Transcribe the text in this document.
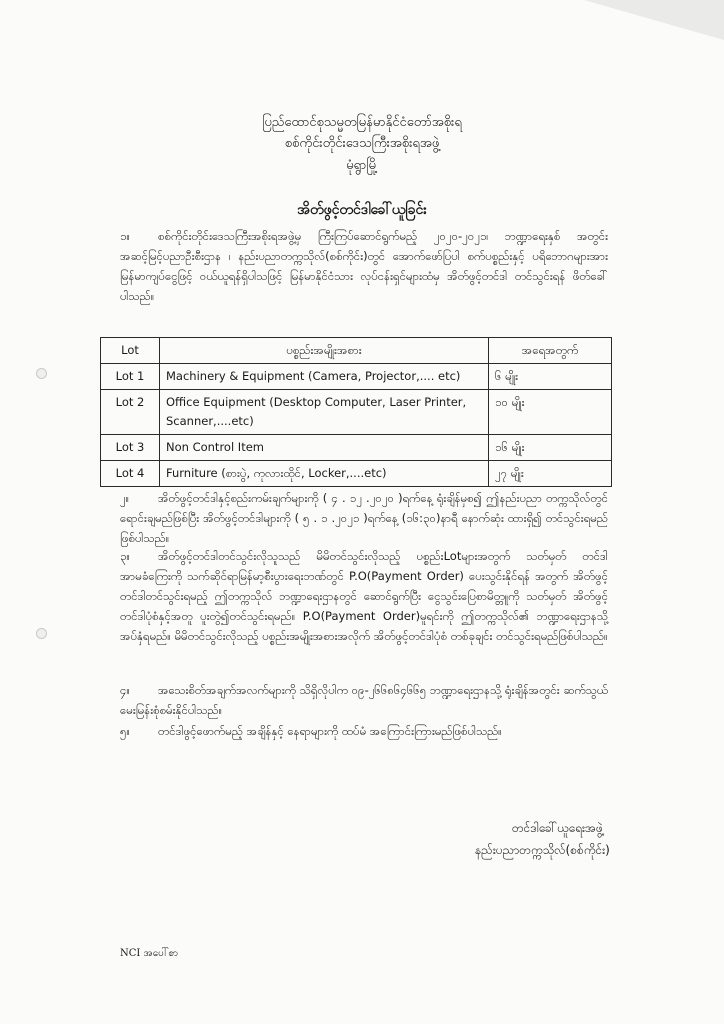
ပြည်ထောင်စုသမ္မတမြန်မာနိုင်ငံတော်အစိုးရ
စစ်ကိုင်းတိုင်းဒေသကြီးအစိုးရအဖွဲ့
မုံရွာမြို့
အိတ်ဖွင့်တင်ဒါခေါ်ယူခြင်း
၁။ စစ်ကိုင်းတိုင်းဒေသကြီးအစိုးရအဖွဲ့မှ ကြီးကြပ်ဆောင်ရွက်မည့် ၂၀၂၀-၂၀၂၁၊ ဘဏ္ဍာရေးနှစ် အတွင်း အဆင့်မြင့်ပညာဦးစီးဌာန ၊ နည်းပညာတက္ကသိုလ်(စစ်ကိုင်း)တွင် အောက်ဖော်ပြပါ စက်ပစ္စည်းနှင့် ပရိဘောဂများအား မြန်မာကျပ်ငွေဖြင့် ဝယ်ယူရန်ရှိပါသဖြင့် မြန်မာနိုင်ငံသား လုပ်ငန်းရှင်များထံမှ အိတ်ဖွင့်တင်ဒါ တင်သွင်းရန် ဖိတ်ခေါ် ပါသည်။
Lot	ပစ္စည်းအမျိုးအစား	အရေအတွက်
Lot 1	Machinery & Equipment (Camera, Projector,.... etc)	၆ မျိုး
Lot 2	Office Equipment (Desktop Computer, Laser Printer, Scanner,....etc)	၁၀ မျိုး
Lot 3	Non Control Item	၁၆ မျိုး
Lot 4	Furniture (စားပွဲ, ကုလားထိုင်, Locker,....etc)	၂၇ မျိုး
၂။	အိတ်ဖွင့်တင်ဒါနှင့်စည်းကမ်းချက်များကို ( ၄ . ၁၂ .၂၀၂၀ )ရက်နေ့ ရုံးချိန်မှစ၍ ဤနည်းပညာ တက္ကသိုလ်တွင် ရောင်းချမည်ဖြစ်ပြီး အိတ်ဖွင့်တင်ဒါများကို ( ၅ . ၁ .၂၀၂၁ )ရက်နေ့ (၁၆:၃၀)နာရီ နောက်ဆုံး ထားရှိ၍ တင်သွင်းရမည်ဖြစ်ပါသည်။
၃။ အိတ်ဖွင့်တင်ဒါတင်သွင်းလိုသူသည် မိမိတင်သွင်းလိုသည့် ပစ္စည်းLotများအတွက် သတ်မှတ် တင်ဒါအာမခံကြေးကို သက်ဆိုင်ရာမြန်မာ့စီးပွားရေးဘဏ်တွင် P.O(Payment Order) ပေးသွင်းနိုင်ရန် အတွက် အိတ်ဖွင့် တင်ဒါတင်သွင်းရမည့် ဤတက္ကသိုလ် ဘဏ္ဍာရေးဌာနတွင် ဆောင်ရွက်ပြီး ငွေသွင်းပြေစာမိတ္တူကို သတ်မှတ် အိတ်ဖွင့် တင်ဒါပုံစံနှင့်အတူ ပူးတွဲ၍တင်သွင်းရမည်။ P.O(Payment Order)မူရင်းကို ဤတက္ကသိုလ်၏ ဘဏ္ဍာရေးဌာနသို့ အပ်နှံရမည်။ မိမိတင်သွင်းလိုသည့် ပစ္စည်းအမျိုးအစားအလိုက် အိတ်ဖွင့်တင်ဒါပုံစံ တစ်ခုချင်း တင်သွင်းရမည်ဖြစ်ပါသည်။
၄။ အသေးစိတ်အချက်အလက်များကို သိရှိလိုပါက ၀၉-၂၆၆၈၆၄၆၆၅ ဘဏ္ဍာရေးဌာနသို့ ရုံးချိန်အတွင်း ဆက်သွယ်မေးမြန်းစုံစမ်းနိုင်ပါသည်။
၅။ တင်ဒါဖွင့်ဖောက်မည့် အချိန်နှင့် နေရာများကို ထပ်မံ အကြောင်းကြားမည်ဖြစ်ပါသည်။
တင်ဒါခေါ်ယူရေးအဖွဲ့
နည်းပညာတက္ကသိုလ်(စစ်ကိုင်း)
NCI အပေါ်စာ
